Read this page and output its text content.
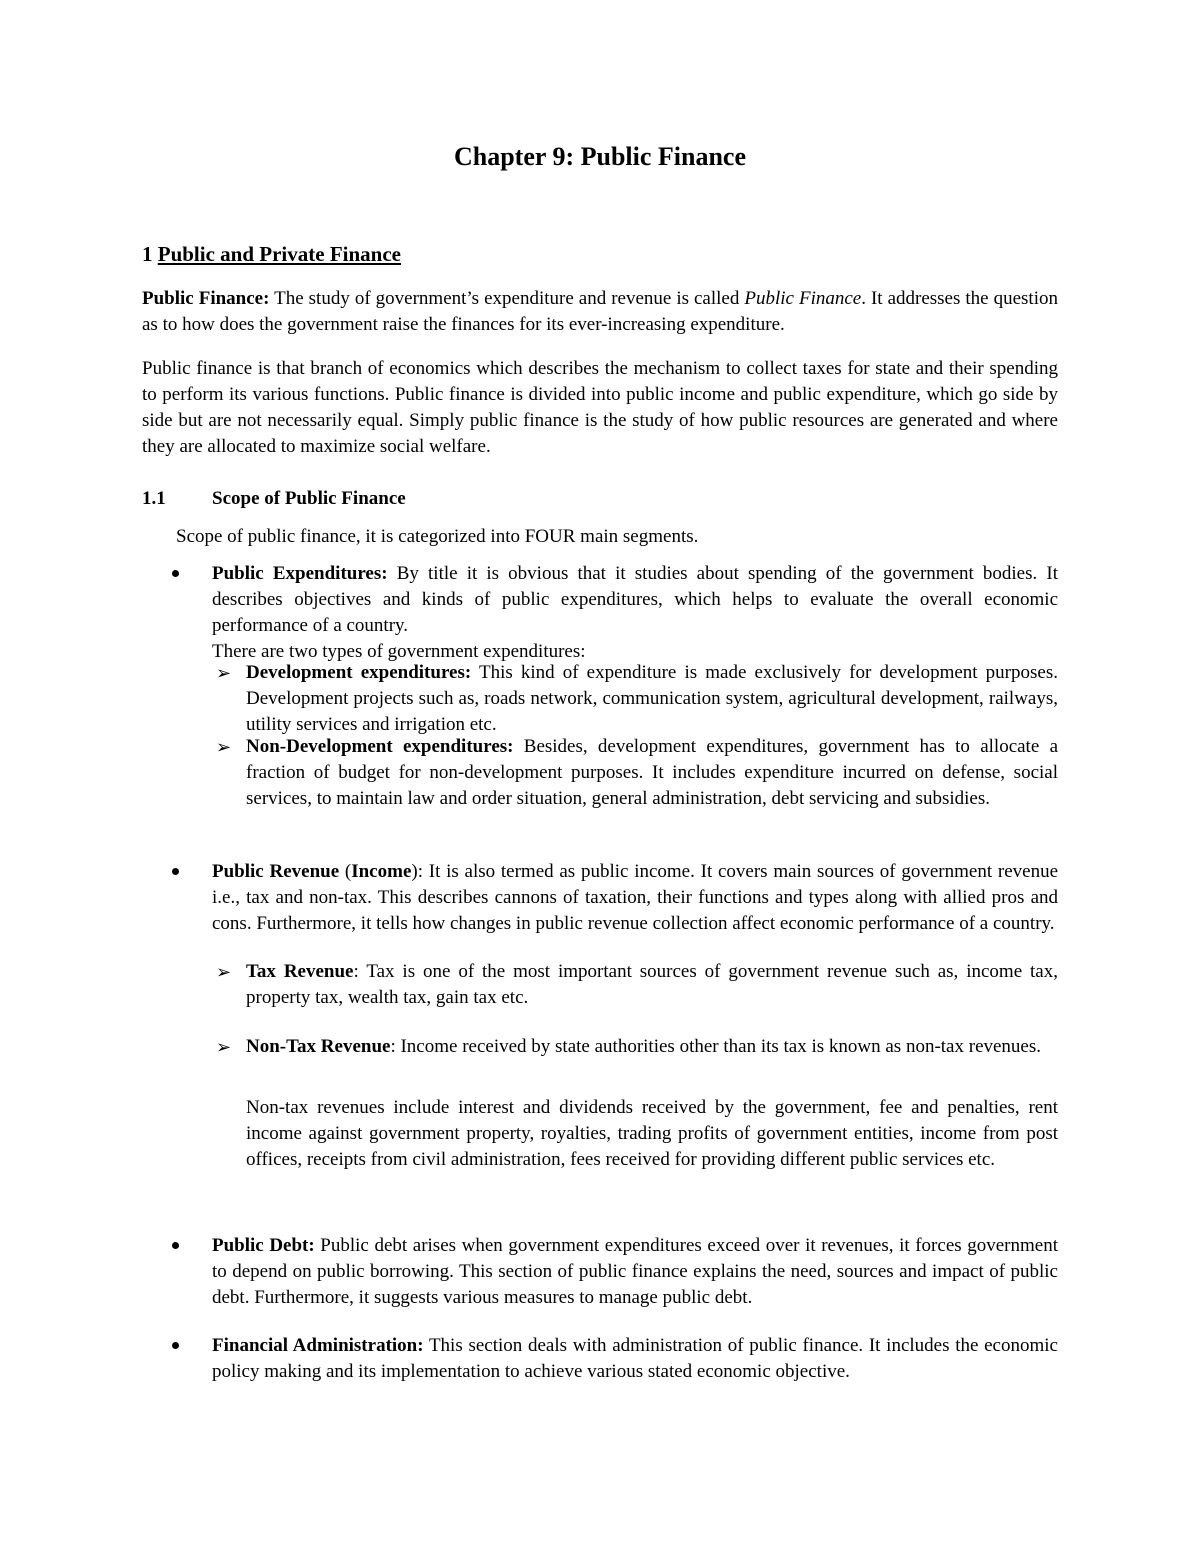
Chapter 9: Public Finance
1 Public and Private Finance

Public Finance: The study of government’s expenditure and revenue is called Public Finance. It addresses the question as to how does the government raise the finances for its ever-increasing expenditure.

Public finance is that branch of economics which describes the mechanism to collect taxes for state and their spending to perform its various functions. Public finance is divided into public income and public expenditure, which go side by side but are not necessarily equal. Simply public finance is the study of how public resources are generated and where they are allocated to maximize social welfare.

1.1 Scope of Public Finance
Scope of public finance, it is categorized into FOUR main segments.

Public Expenditures: By title it is obvious that it studies about spending of the government bodies. It describes objectives and kinds of public expenditures, which helps to evaluate the overall economic performance of a country.

There are two types of government expenditures:

➢ Development expenditures: This kind of expenditure is made exclusively for development purposes. Development projects such as, roads network, communication system, agricultural development, railways, utility services and irrigation etc.

➢ Non-Development expenditures: Besides, development expenditures, government has to allocate a fraction of budget for non-development purposes. It includes expenditure incurred on defense, social services, to maintain law and order situation, general administration, debt servicing and subsidies.

Public Revenue (Income): It is also termed as public income. It covers main sources of government revenue i.e., tax and non-tax. This describes cannons of taxation, their functions and types along with allied pros and cons. Furthermore, it tells how changes in public revenue collection affect economic performance of a country.

➢ Tax Revenue: Tax is one of the most important sources of government revenue such as, income tax, property tax, wealth tax, gain tax etc.

➢ Non-Tax Revenue: Income received by state authorities other than its tax is known as non-tax revenues.

Non-tax revenues include interest and dividends received by the government, fee and penalties, rent income against government property, royalties, trading profits of government entities, income from post offices, receipts from civil administration, fees received for providing different public services etc.

Public Debt: Public debt arises when government expenditures exceed over it revenues, it forces government to depend on public borrowing. This section of public finance explains the need, sources and impact of public debt. Furthermore, it suggests various measures to manage public debt.

Financial Administration: This section deals with administration of public finance. It includes the economic policy making and its implementation to achieve various stated economic objective.
